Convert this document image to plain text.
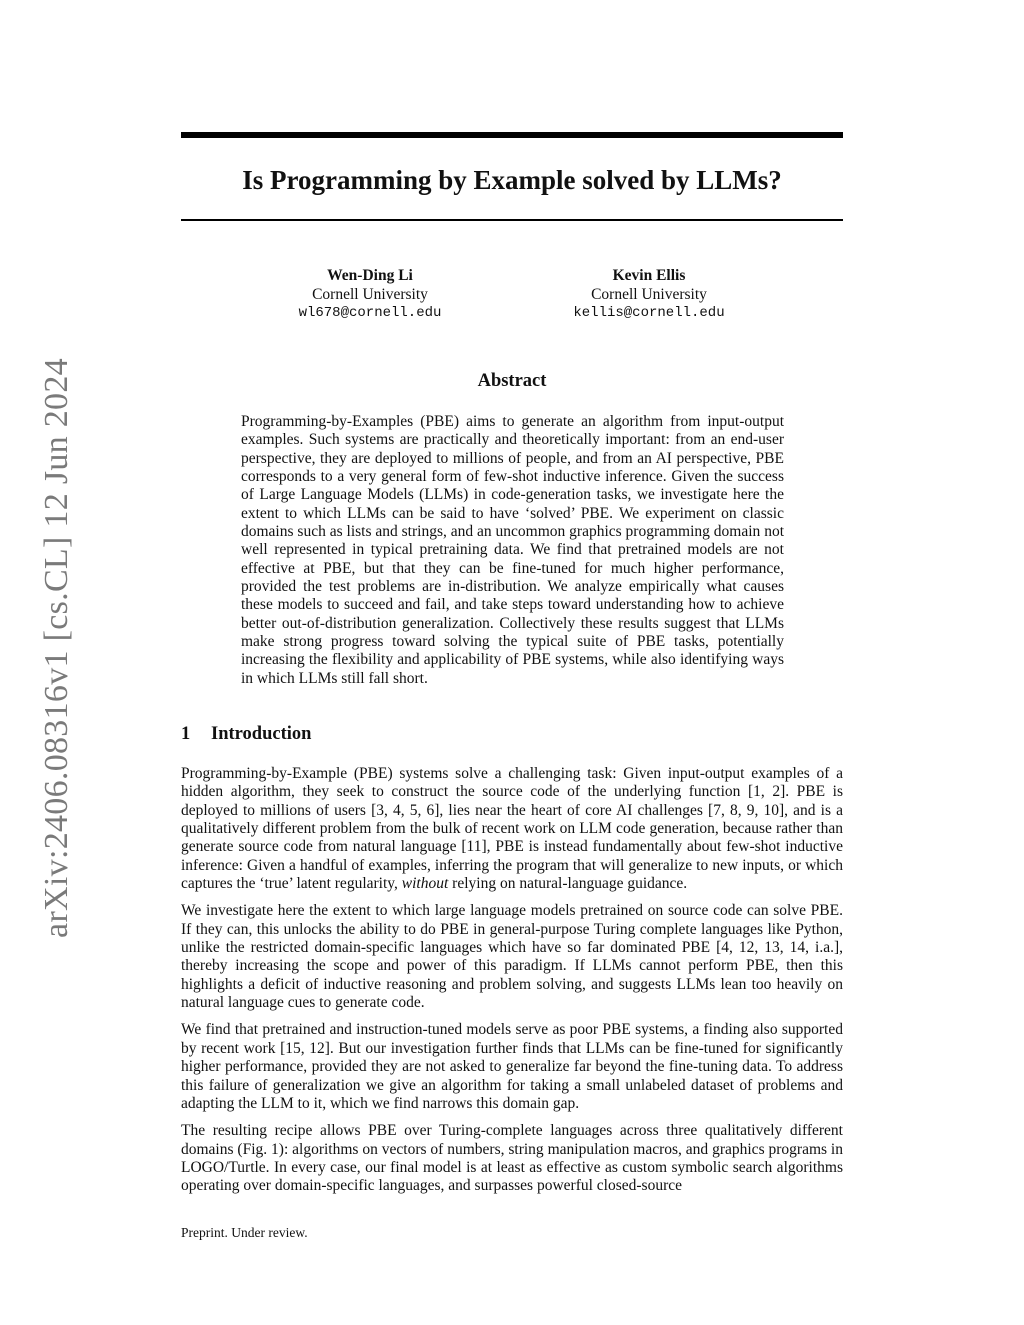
arXiv:2406.08316v1 [cs.CL] 12 Jun 2024
Is Programming by Example solved by LLMs?
Wen-Ding Li
Cornell University
wl678@cornell.edu
Kevin Ellis
Cornell University
kellis@cornell.edu
Abstract

Programming-by-Examples (PBE) aims to generate an algorithm from input-output examples. Such systems are practically and theoretically important: from an end-user perspective, they are deployed to millions of people, and from an AI perspective, PBE corresponds to a very general form of few-shot inductive inference. Given the success of Large Language Models (LLMs) in code-generation tasks, we investigate here the extent to which LLMs can be said to have ‘solved’ PBE. We experiment on classic domains such as lists and strings, and an uncommon graphics programming domain not well represented in typical pretraining data. We find that pretrained models are not effective at PBE, but that they can be fine-tuned for much higher performance, provided the test problems are in-distribution. We analyze empirically what causes these models to succeed and fail, and take steps toward understanding how to achieve better out-of-distribution generalization. Collectively these results suggest that LLMs make strong progress toward solving the typical suite of PBE tasks, potentially increasing the flexibility and applicability of PBE systems, while also identifying ways in which LLMs still fall short.

1 Introduction

Programming-by-Example (PBE) systems solve a challenging task: Given input-output examples of a hidden algorithm, they seek to construct the source code of the underlying function [1, 2]. PBE is deployed to millions of users [3, 4, 5, 6], lies near the heart of core AI challenges [7, 8, 9, 10], and is a qualitatively different problem from the bulk of recent work on LLM code generation, because rather than generate source code from natural language [11], PBE is instead fundamentally about few-shot inductive inference: Given a handful of examples, inferring the program that will generalize to new inputs, or which captures the ‘true’ latent regularity, without relying on natural-language guidance.

We investigate here the extent to which large language models pretrained on source code can solve PBE. If they can, this unlocks the ability to do PBE in general-purpose Turing complete languages like Python, unlike the restricted domain-specific languages which have so far dominated PBE [4, 12, 13, 14, i.a.], thereby increasing the scope and power of this paradigm. If LLMs cannot perform PBE, then this highlights a deficit of inductive reasoning and problem solving, and suggests LLMs lean too heavily on natural language cues to generate code.

We find that pretrained and instruction-tuned models serve as poor PBE systems, a finding also supported by recent work [15, 12]. But our investigation further finds that LLMs can be fine-tuned for significantly higher performance, provided they are not asked to generalize far beyond the fine-tuning data. To address this failure of generalization we give an algorithm for taking a small unlabeled dataset of problems and adapting the LLM to it, which we find narrows this domain gap.

The resulting recipe allows PBE over Turing-complete languages across three qualitatively different domains (Fig. 1): algorithms on vectors of numbers, string manipulation macros, and graphics programs in LOGO/Turtle. In every case, our final model is at least as effective as custom symbolic search algorithms operating over domain-specific languages, and surpasses powerful closed-source

Preprint. Under review.
